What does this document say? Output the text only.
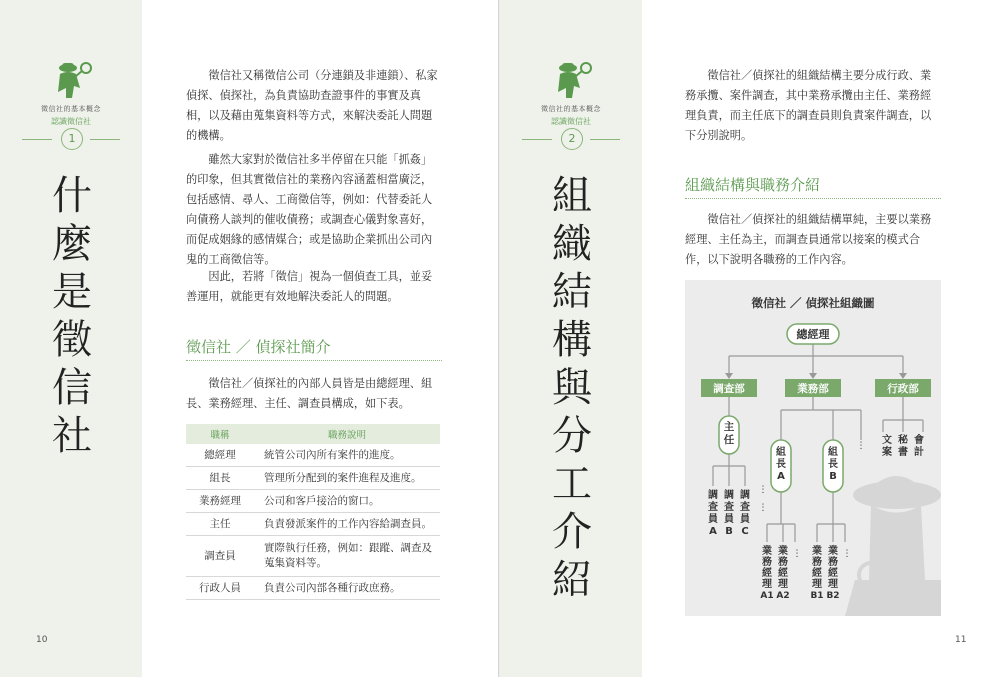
徵信社的基本概念
認識徵信社
1
什
麼
是
徵
信
社

徵信社又稱徵信公司（分連鎖及非連鎖）、私家偵探、偵探社，為負責協助查證事件的事實及真相，以及藉由蒐集資料等方式，來解決委託人問題的機構。

雖然大家對於徵信社多半停留在只能「抓姦」的印象，但其實徵信社的業務內容涵蓋相當廣泛，包括感情、尋人、工商徵信等，例如：代替委託人向債務人談判的催收債務；或調查心儀對象喜好，而促成姻緣的感情媒合；或是協助企業抓出公司內鬼的工商徵信等。

因此，若將「徵信」視為一個偵查工具，並妥善運用，就能更有效地解決委託人的問題。

徵信社 ／ 偵探社簡介

徵信社／偵探社的內部人員皆是由總經理、組長、業務經理、主任、調查員構成，如下表。

職稱	職務說明
總經理	統管公司內所有案件的進度。
組長	管理所分配到的案件進程及進度。
業務經理	公司和客戶接洽的窗口。
主任	負責發派案件的工作內容給調查員。
調查員	實際執行任務，例如：跟蹤、調查及蒐集資料等。
行政人員	負責公司內部各種行政庶務。
10
徵信社的基本概念
認識徵信社
2
組
織
結
構
與
分
工
介
紹

徵信社／偵探社的組織結構主要分成行政、業務承攬、案件調查，其中業務承攬由主任、業務經理負責，而主任底下的調查員則負責案件調查，以下分別說明。

組織結構與職務介紹

徵信社／偵探社的組織結構單純，主要以業務經理、主任為主，而調查員通常以接案的模式合作，以下說明各職務的工作內容。

11
徵信社 ／ 偵探社組織圖
總經理
調查部	業務部	行政部
主任
調查員 A
調查員 B
調查員 C
⋮
⋮
組長 A
組長 B
⋮
業務經理 A1
業務經理 A2
⋮ 業務經理 B1
業務經理 B2
⋮
文案
秘書
會計
